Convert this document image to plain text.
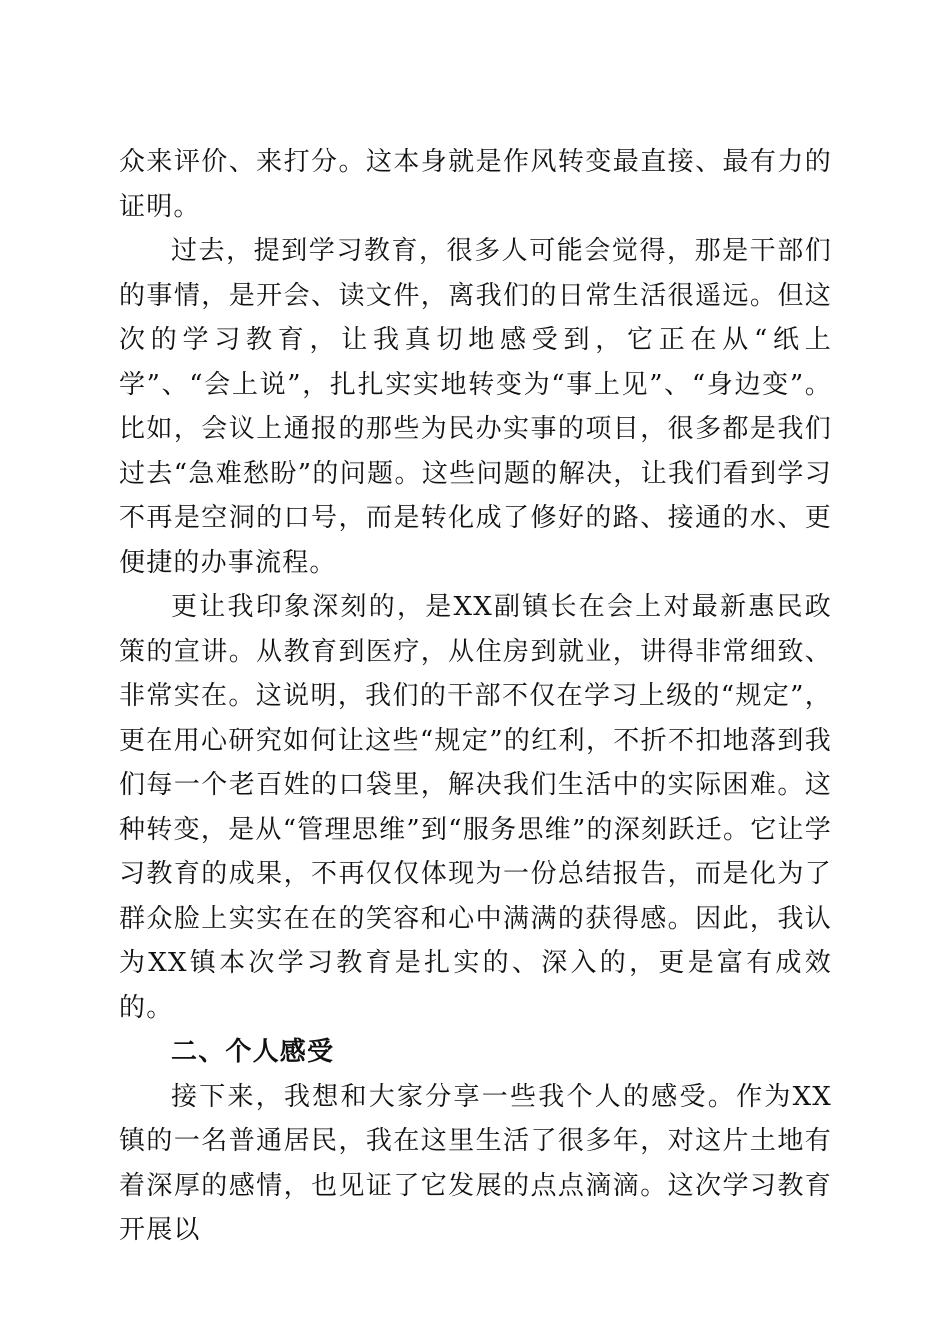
众来评价、来打分。这本身就是作风转变最直接、最有力的证明。

过去，提到学习教育，很多人可能会觉得，那是干部们的事情，是开会、读文件，离我们的日常生活很遥远。但这次的学习教育，让我真切地感受到，它正在从“纸上学”、“会上说”，扎扎实实地转变为“事上见”、“身边变”。比如，会议上通报的那些为民办实事的项目，很多都是我们过去“急难愁盼”的问题。这些问题的解决，让我们看到学习不再是空洞的口号，而是转化成了修好的路、接通的水、更便捷的办事流程。

更让我印象深刻的，是XX副镇长在会上对最新惠民政策的宣讲。从教育到医疗，从住房到就业，讲得非常细致、非常实在。这说明，我们的干部不仅在学习上级的“规定”，更在用心研究如何让这些“规定”的红利，不折不扣地落到我们每一个老百姓的口袋里，解决我们生活中的实际困难。这种转变，是从“管理思维”到“服务思维”的深刻跃迁。它让学习教育的成果，不再仅仅体现为一份总结报告，而是化为了群众脸上实实在在的笑容和心中满满的获得感。因此，我认为XX镇本次学习教育是扎实的、深入的，更是富有成效的。

二、个人感受

接下来，我想和大家分享一些我个人的感受。作为XX镇的一名普通居民，我在这里生活了很多年，对这片土地有着深厚的感情，也见证了它发展的点点滴滴。这次学习教育开展以
